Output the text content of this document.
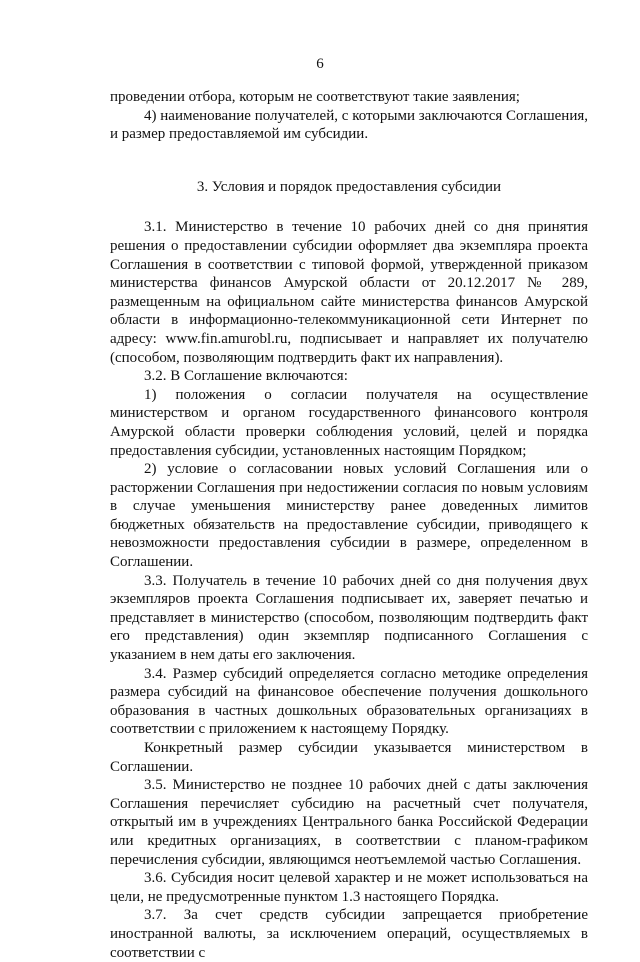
6

проведении отбора, которым не соответствуют такие заявления;

4) наименование получателей, с которыми заключаются Соглашения, и размер предоставляемой им субсидии.

3. Условия и порядок предоставления субсидии

3.1. Министерство в течение 10 рабочих дней со дня принятия решения о предоставлении субсидии оформляет два экземпляра проекта Соглашения в соответствии с типовой формой, утвержденной приказом министерства финансов Амурской области от 20.12.2017 № 289, размещенным на официальном сайте министерства финансов Амурской области в информационно-телекоммуникационной сети Интернет по адресу: www.fin.amurobl.ru, подписывает и направляет их получателю (способом, позволяющим подтвердить факт их направления).

3.2. В Соглашение включаются:

1) положения о согласии получателя на осуществление министерством и органом государственного финансового контроля Амурской области проверки соблюдения условий, целей и порядка предоставления субсидии, установленных настоящим Порядком;

2) условие о согласовании новых условий Соглашения или о расторжении Соглашения при недостижении согласия по новым условиям в случае уменьшения министерству ранее доведенных лимитов бюджетных обязательств на предоставление субсидии, приводящего к невозможности предоставления субсидии в размере, определенном в Соглашении.

3.3. Получатель в течение 10 рабочих дней со дня получения двух экземпляров проекта Соглашения подписывает их, заверяет печатью и представляет в министерство (способом, позволяющим подтвердить факт его представления) один экземпляр подписанного Соглашения с указанием в нем даты его заключения.

3.4. Размер субсидий определяется согласно методике определения размера субсидий на финансовое обеспечение получения дошкольного образования в частных дошкольных образовательных организациях в соответствии с приложением к настоящему Порядку.

Конкретный размер субсидии указывается министерством в Соглашении.

3.5. Министерство не позднее 10 рабочих дней с даты заключения Соглашения перечисляет субсидию на расчетный счет получателя, открытый им в учреждениях Центрального банка Российской Федерации или кредитных организациях, в соответствии с планом-графиком перечисления субсидии, являющимся неотъемлемой частью Соглашения.

3.6. Субсидия носит целевой характер и не может использоваться на цели, не предусмотренные пунктом 1.3 настоящего Порядка.

3.7. За счет средств субсидии запрещается приобретение иностранной валюты, за исключением операций, осуществляемых в соответствии с
